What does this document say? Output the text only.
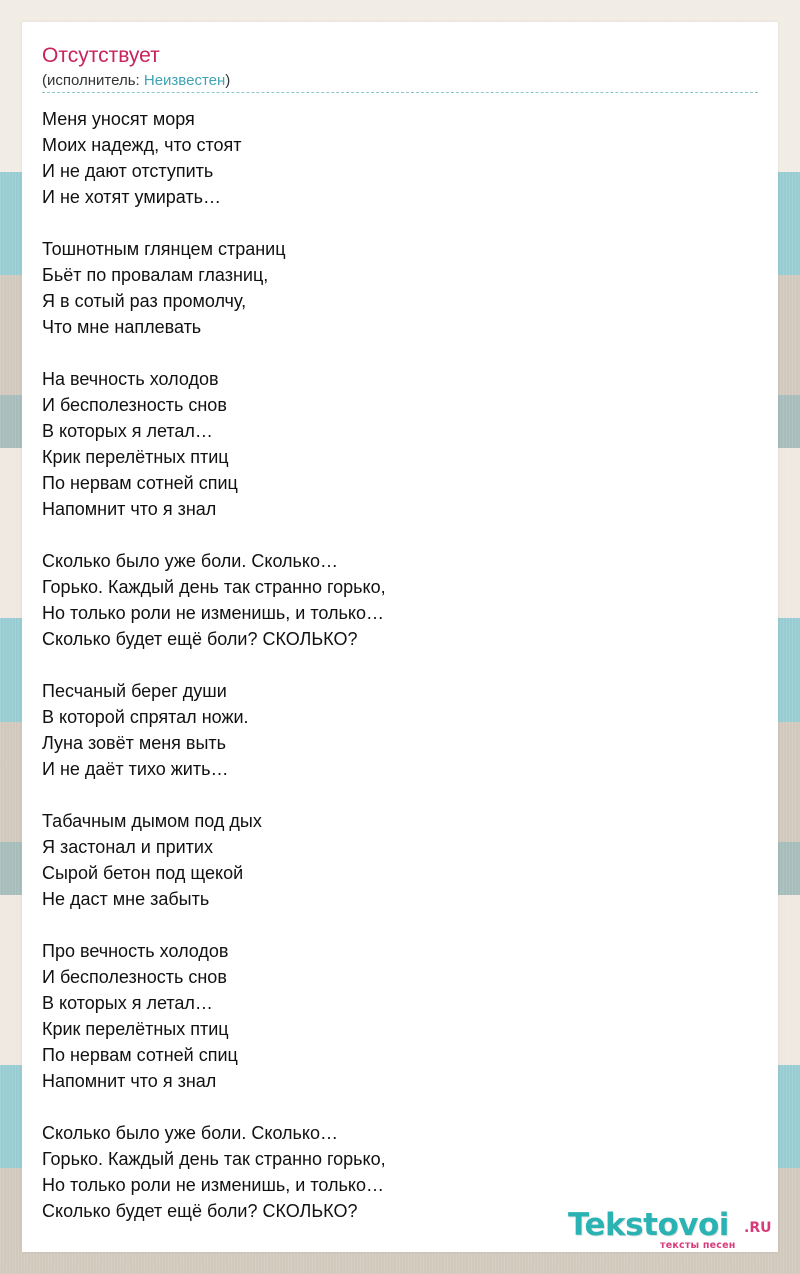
Отсутствует
(исполнитель: Неизвестен)
Меня уносят моря
Моих надежд, что стоят
И не дают отступить
И не хотят умирать…
Тошнотным глянцем страниц
Бьёт по провалам глазниц,
Я в сотый раз промолчу,
Что мне наплевать
На вечность холодов
И бесполезность снов
В которых я летал…
Крик перелётных птиц
По нервам сотней спиц
Напомнит что я знал
Сколько было уже боли. Сколько…
Горько. Каждый день так странно горько,
Но только роли не изменишь, и только…
Сколько будет ещё боли? СКОЛЬКО?
Песчаный берег души
В которой спрятал ножи.
Луна зовёт меня выть
И не даёт тихо жить…
Табачным дымом под дых
Я застонал и притих
Сырой бетон под щекой
Не даст мне забыть
Про вечность холодов
И бесполезность снов
В которых я летал…
Крик перелётных птиц
По нервам сотней спиц
Напомнит что я знал
Сколько было уже боли. Сколько…
Горько. Каждый день так странно горько,
Но только роли не изменишь, и только…
Сколько будет ещё боли? СКОЛЬКО?	Tekstovoi .RU
тексты песен
